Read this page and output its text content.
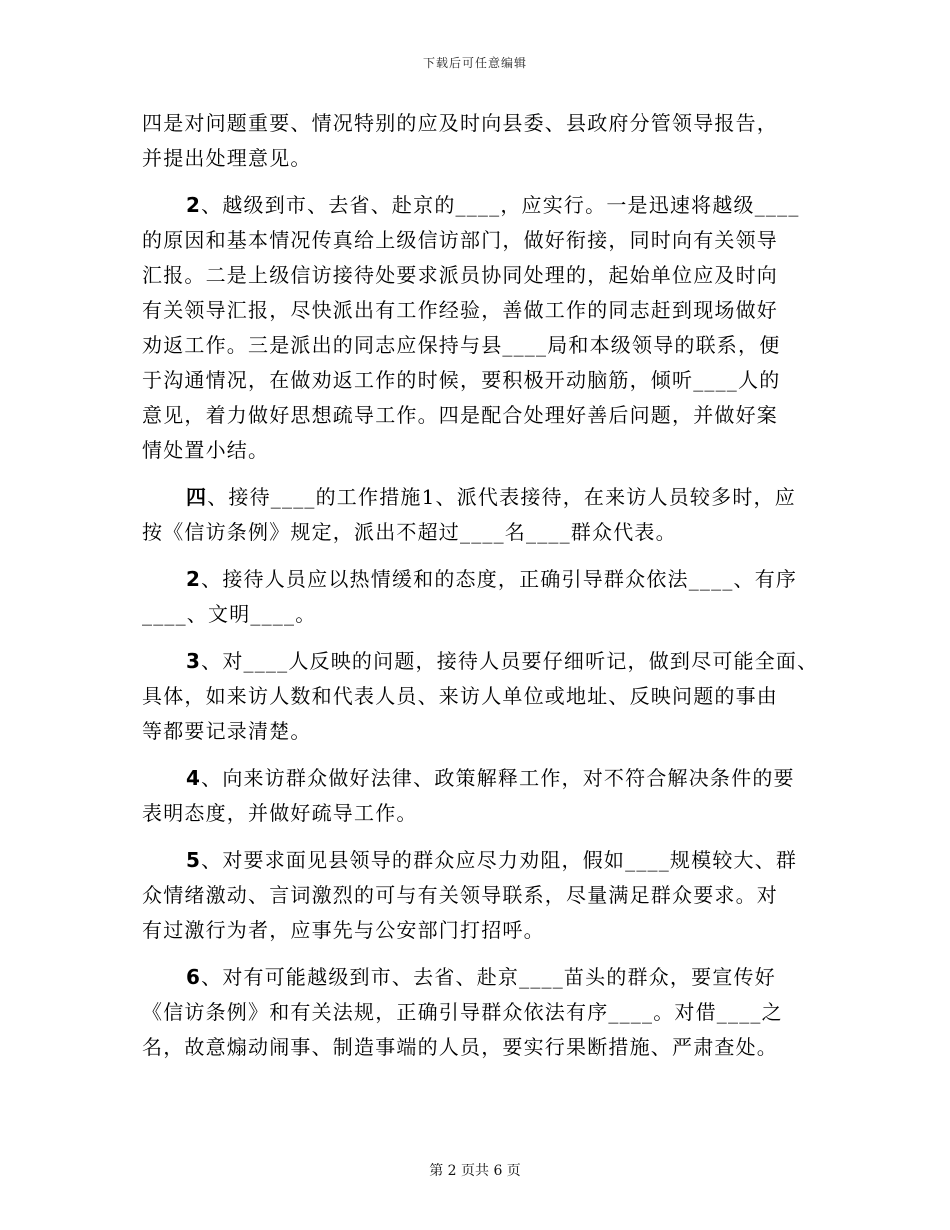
下载后可任意编辑

四是对问题重要、情况特别的应及时向县委、县政府分管领导报告，
并提出处理意见。

2、越级到市、去省、赴京的____，应实行。一是迅速将越级____
的原因和基本情况传真给上级信访部门，做好衔接，同时向有关领导
汇报。二是上级信访接待处要求派员协同处理的，起始单位应及时向
有关领导汇报，尽快派出有工作经验，善做工作的同志赶到现场做好
劝返工作。三是派出的同志应保持与县____局和本级领导的联系，便
于沟通情况，在做劝返工作的时候，要积极开动脑筋，倾听____人的
意见，着力做好思想疏导工作。四是配合处理好善后问题，并做好案
情处置小结。

四、接待____的工作措施1、派代表接待，在来访人员较多时，应
按《信访条例》规定，派出不超过____名____群众代表。

2、接待人员应以热情缓和的态度，正确引导群众依法____、有序
____、文明____。

3、对____人反映的问题，接待人员要仔细听记，做到尽可能全面、
具体，如来访人数和代表人员、来访人单位或地址、反映问题的事由
等都要记录清楚。

4、向来访群众做好法律、政策解释工作，对不符合解决条件的要
表明态度，并做好疏导工作。

5、对要求面见县领导的群众应尽力劝阻，假如____规模较大、群
众情绪激动、言词激烈的可与有关领导联系，尽量满足群众要求。对
有过激行为者，应事先与公安部门打招呼。

6、对有可能越级到市、去省、赴京____苗头的群众，要宣传好
《信访条例》和有关法规，正确引导群众依法有序____。对借____之
名，故意煽动闹事、制造事端的人员，要实行果断措施、严肃查处。

第 2 页共 6 页
